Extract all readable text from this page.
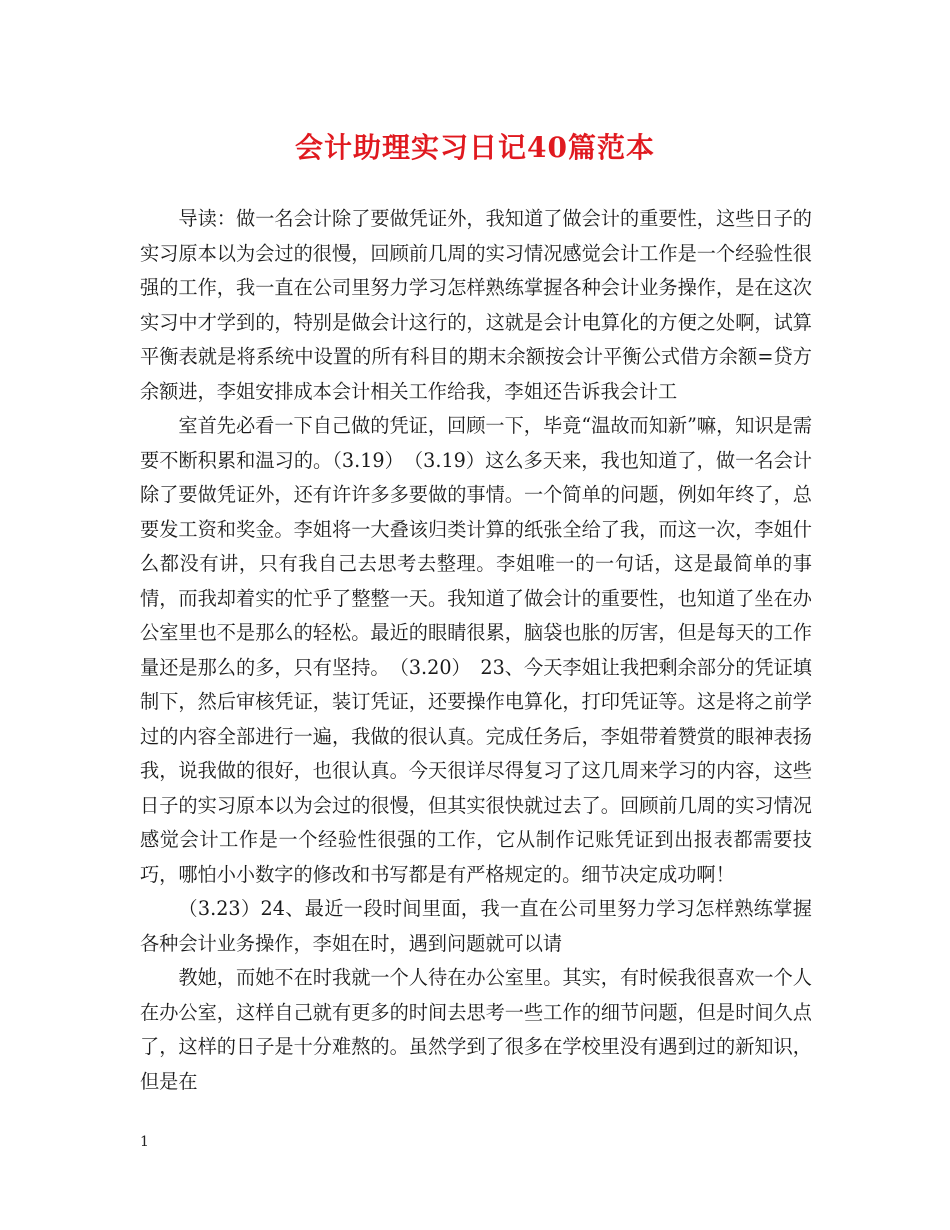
会计助理实习日记40篇范本

导读：做一名会计除了要做凭证外，我知道了做会计的重要性，这些日子的实习原本以为会过的很慢，回顾前几周的实习情况感觉会计工作是一个经验性很强的工作，我一直在公司里努力学习怎样熟练掌握各种会计业务操作，是在这次实习中才学到的，特别是做会计这行的，这就是会计电算化的方便之处啊，试算平衡表就是将系统中设置的所有科目的期末余额按会计平衡公式借方余额=贷方余额进，李姐安排成本会计相关工作给我，李姐还告诉我会计工

室首先必看一下自己做的凭证，回顾一下，毕竟“温故而知新”嘛，知识是需要不断积累和温习的。（3.19）　（3.19）这么多天来，我也知道了，做一名会计除了要做凭证外，还有许许多多要做的事情。一个简单的问题，例如年终了，总要发工资和奖金。李姐将一大叠该归类计算的纸张全给了我，而这一次，李姐什么都没有讲，只有我自己去思考去整理。李姐唯一的一句话，这是最简单的事情，而我却着实的忙乎了整整一天。我知道了做会计的重要性，也知道了坐在办公室里也不是那么的轻松。最近的眼睛很累，脑袋也胀的厉害，但是每天的工作量还是那么的多，只有坚持。　（3.20）　23、今天李姐让我把剩余部分的凭证填制下，然后审核凭证，装订凭证，还要操作电算化，打印凭证等。这是将之前学过的内容全部进行一遍，我做的很认真。完成任务后，李姐带着赞赏的眼神表扬我，说我做的很好，也很认真。今天很详尽得复习了这几周来学习的内容，这些日子的实习原本以为会过的很慢，但其实很快就过去了。回顾前几周的实习情况感觉会计工作是一个经验性很强的工作，它从制作记账凭证到出报表都需要技巧，哪怕小小数字的修改和书写都是有严格规定的。细节决定成功啊！

（3.23）24、最近一段时间里面，我一直在公司里努力学习怎样熟练掌握各种会计业务操作，李姐在时，遇到问题就可以请

教她，而她不在时我就一个人待在办公室里。其实，有时候我很喜欢一个人在办公室，这样自己就有更多的时间去思考一些工作的细节问题，但是时间久点了，这样的日子是十分难熬的。虽然学到了很多在学校里没有遇到过的新知识，但是在

1
